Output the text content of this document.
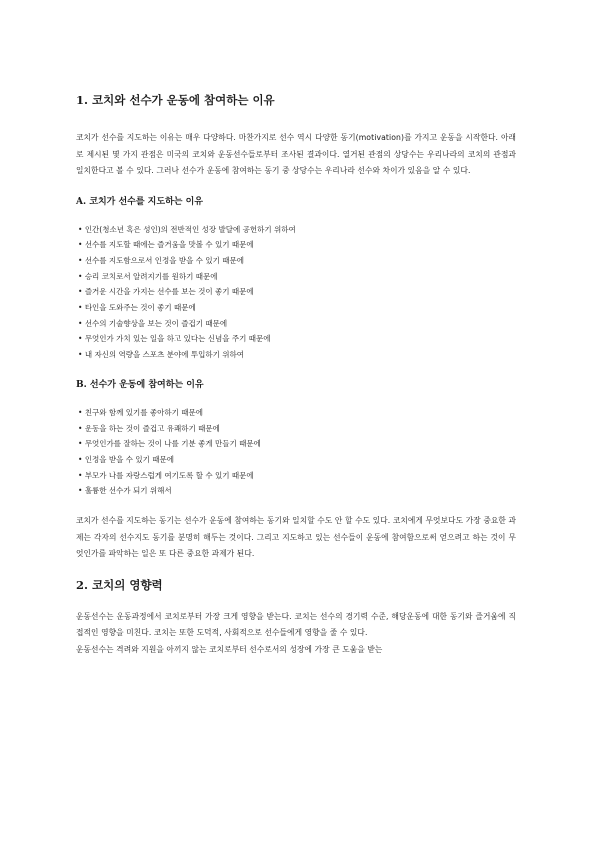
1. 코치와 선수가 운동에 참여하는 이유

코치가 선수를 지도하는 이유는 매우 다양하다. 마찬가지로 선수 역시 다양한 동기(motivation)를 가지고 운동을 시작한다. 아래로 제시된 몇 가지 관점은 미국의 코치와 운동선수들로부터 조사된 결과이다. 열거된 관점의 상당수는 우리나라의 코치의 관점과 일치한다고 볼 수 있다. 그러나 선수가 운동에 참여하는 동기 중 상당수는 우리나라 선수와 차이가 있음을 알 수 있다.

A. 코치가 선수를 지도하는 이유
• 인간(청소년 혹은 성인)의 전반적인 성장 발달에 공헌하기 위하여
• 선수를 지도할 때에는 즐거움을 맛볼 수 있기 때문에
• 선수를 지도함으로서 인정을 받을 수 있기 때문에
• 승리 코치로서 알려지기를 원하기 때문에
• 즐거운 시간을 가지는 선수를 보는 것이 좋기 때문에
• 타인을 도와주는 것이 좋기 때문에
• 선수의 기술향상을 보는 것이 즐겁기 때문에
• 무엇인가 가치 있는 일을 하고 있다는 신념을 주기 때문에
• 내 자신의 역량을 스포츠 분야에 투입하기 위하여
B. 선수가 운동에 참여하는 이유
• 친구와 함께 있기를 좋아하기 때문에
• 운동을 하는 것이 즐겁고 유쾌하기 때문에
• 무엇인가를 잘하는 것이 나를 기분 좋게 만들기 때문에
• 인정을 받을 수 있기 때문에
• 부모가 나를 자랑스럽게 여기도록 할 수 있기 때문에
• 훌륭한 선수가 되기 위해서

코치가 선수를 지도하는 동기는 선수가 운동에 참여하는 동기와 일치할 수도 안 할 수도 있다. 코치에게 무엇보다도 가장 중요한 과제는 각자의 선수지도 동기를 분명히 해두는 것이다. 그리고 지도하고 있는 선수들이 운동에 참여함으로써 얻으려고 하는 것이 무엇인가를 파악하는 일은 또 다른 중요한 과제가 된다.

2. 코치의 영향력

운동선수는 운동과정에서 코치로부터 가장 크게 영향을 받는다. 코치는 선수의 경기력 수준, 해당운동에 대한 동기와 즐거움에 직접적인 영향을 미친다. 코치는 또한 도덕적, 사회적으로 선수들에게 영향을 줄 수 있다.

운동선수는 격려와 지원을 아끼지 않는 코치로부터 선수로서의 성장에 가장 큰 도움을 받는
